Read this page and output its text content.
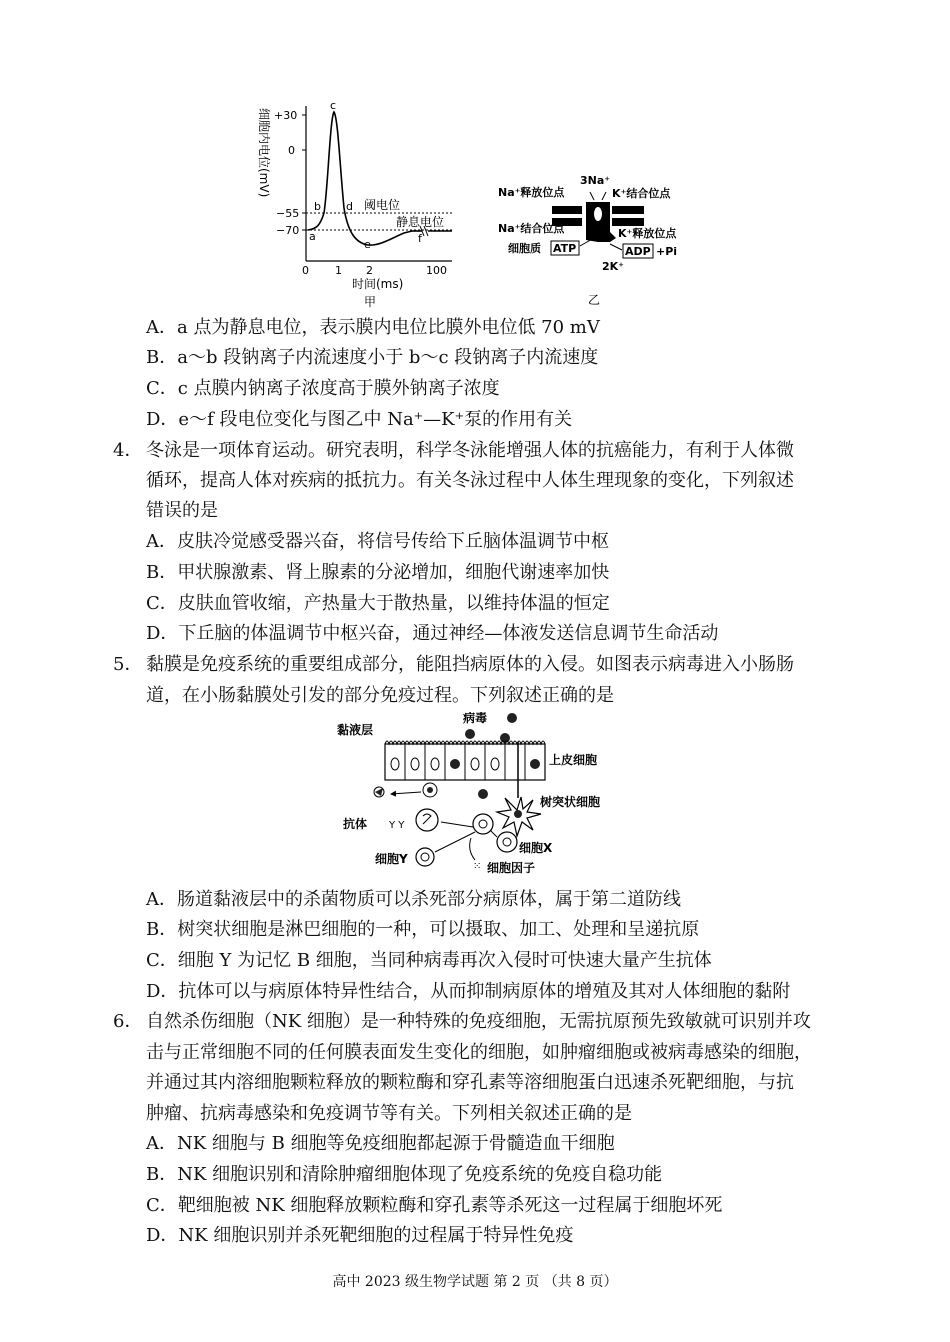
细胞内电位(mV) +30
0
−55
−70 a
b
c
d
e	f
阈电位
静息电位
0 1 2	100
时间(ms)
甲
3Na⁺
Na⁺释放位点	K⁺结合位点
Na⁺结合位点	K⁺释放位点
细胞质 ATP	ADP +Pi
2K⁺
乙
A．a 点为静息电位，表示膜内电位比膜外电位低 70 mV
B．a～b 段钠离子内流速度小于 b～c 段钠离子内流速度
C．c 点膜内钠离子浓度高于膜外钠离子浓度
D．e～f 段电位变化与图乙中 Na⁺—K⁺泵的作用有关
4． 冬泳是一项体育运动。研究表明，科学冬泳能增强人体的抗癌能力，有利于人体微
循环，提高人体对疾病的抵抗力。有关冬泳过程中人体生理现象的变化，下列叙述
错误的是
A．皮肤冷觉感受器兴奋，将信号传给下丘脑体温调节中枢
B．甲状腺激素、肾上腺素的分泌增加，细胞代谢速率加快
C．皮肤血管收缩，产热量大于散热量，以维持体温的恒定
D．下丘脑的体温调节中枢兴奋，通过神经—体液发送信息调节生命活动
5． 黏膜是免疫系统的重要组成部分，能阻挡病原体的入侵。如图表示病毒进入小肠肠
道，在小肠黏膜处引发的部分免疫过程。下列叙述正确的是
黏液层
病毒
上皮细胞
树突状细胞
抗体 Y Y
细胞X
细胞Y
⁙ 细胞因子
A．肠道黏液层中的杀菌物质可以杀死部分病原体，属于第二道防线
B．树突状细胞是淋巴细胞的一种，可以摄取、加工、处理和呈递抗原
C．细胞 Y 为记忆 B 细胞，当同种病毒再次入侵时可快速大量产生抗体
D．抗体可以与病原体特异性结合，从而抑制病原体的增殖及其对人体细胞的黏附
6． 自然杀伤细胞（NK 细胞）是一种特殊的免疫细胞，无需抗原预先致敏就可识别并攻
击与正常细胞不同的任何膜表面发生变化的细胞，如肿瘤细胞或被病毒感染的细胞，
并通过其内溶细胞颗粒释放的颗粒酶和穿孔素等溶细胞蛋白迅速杀死靶细胞，与抗
肿瘤、抗病毒感染和免疫调节等有关。下列相关叙述正确的是
A．NK 细胞与 B 细胞等免疫细胞都起源于骨髓造血干细胞
B．NK 细胞识别和清除肿瘤细胞体现了免疫系统的免疫自稳功能
C．靶细胞被 NK 细胞释放颗粒酶和穿孔素等杀死这一过程属于细胞坏死
D．NK 细胞识别并杀死靶细胞的过程属于特异性免疫
高中 2023 级生物学试题 第 2 页 （共 8 页）
